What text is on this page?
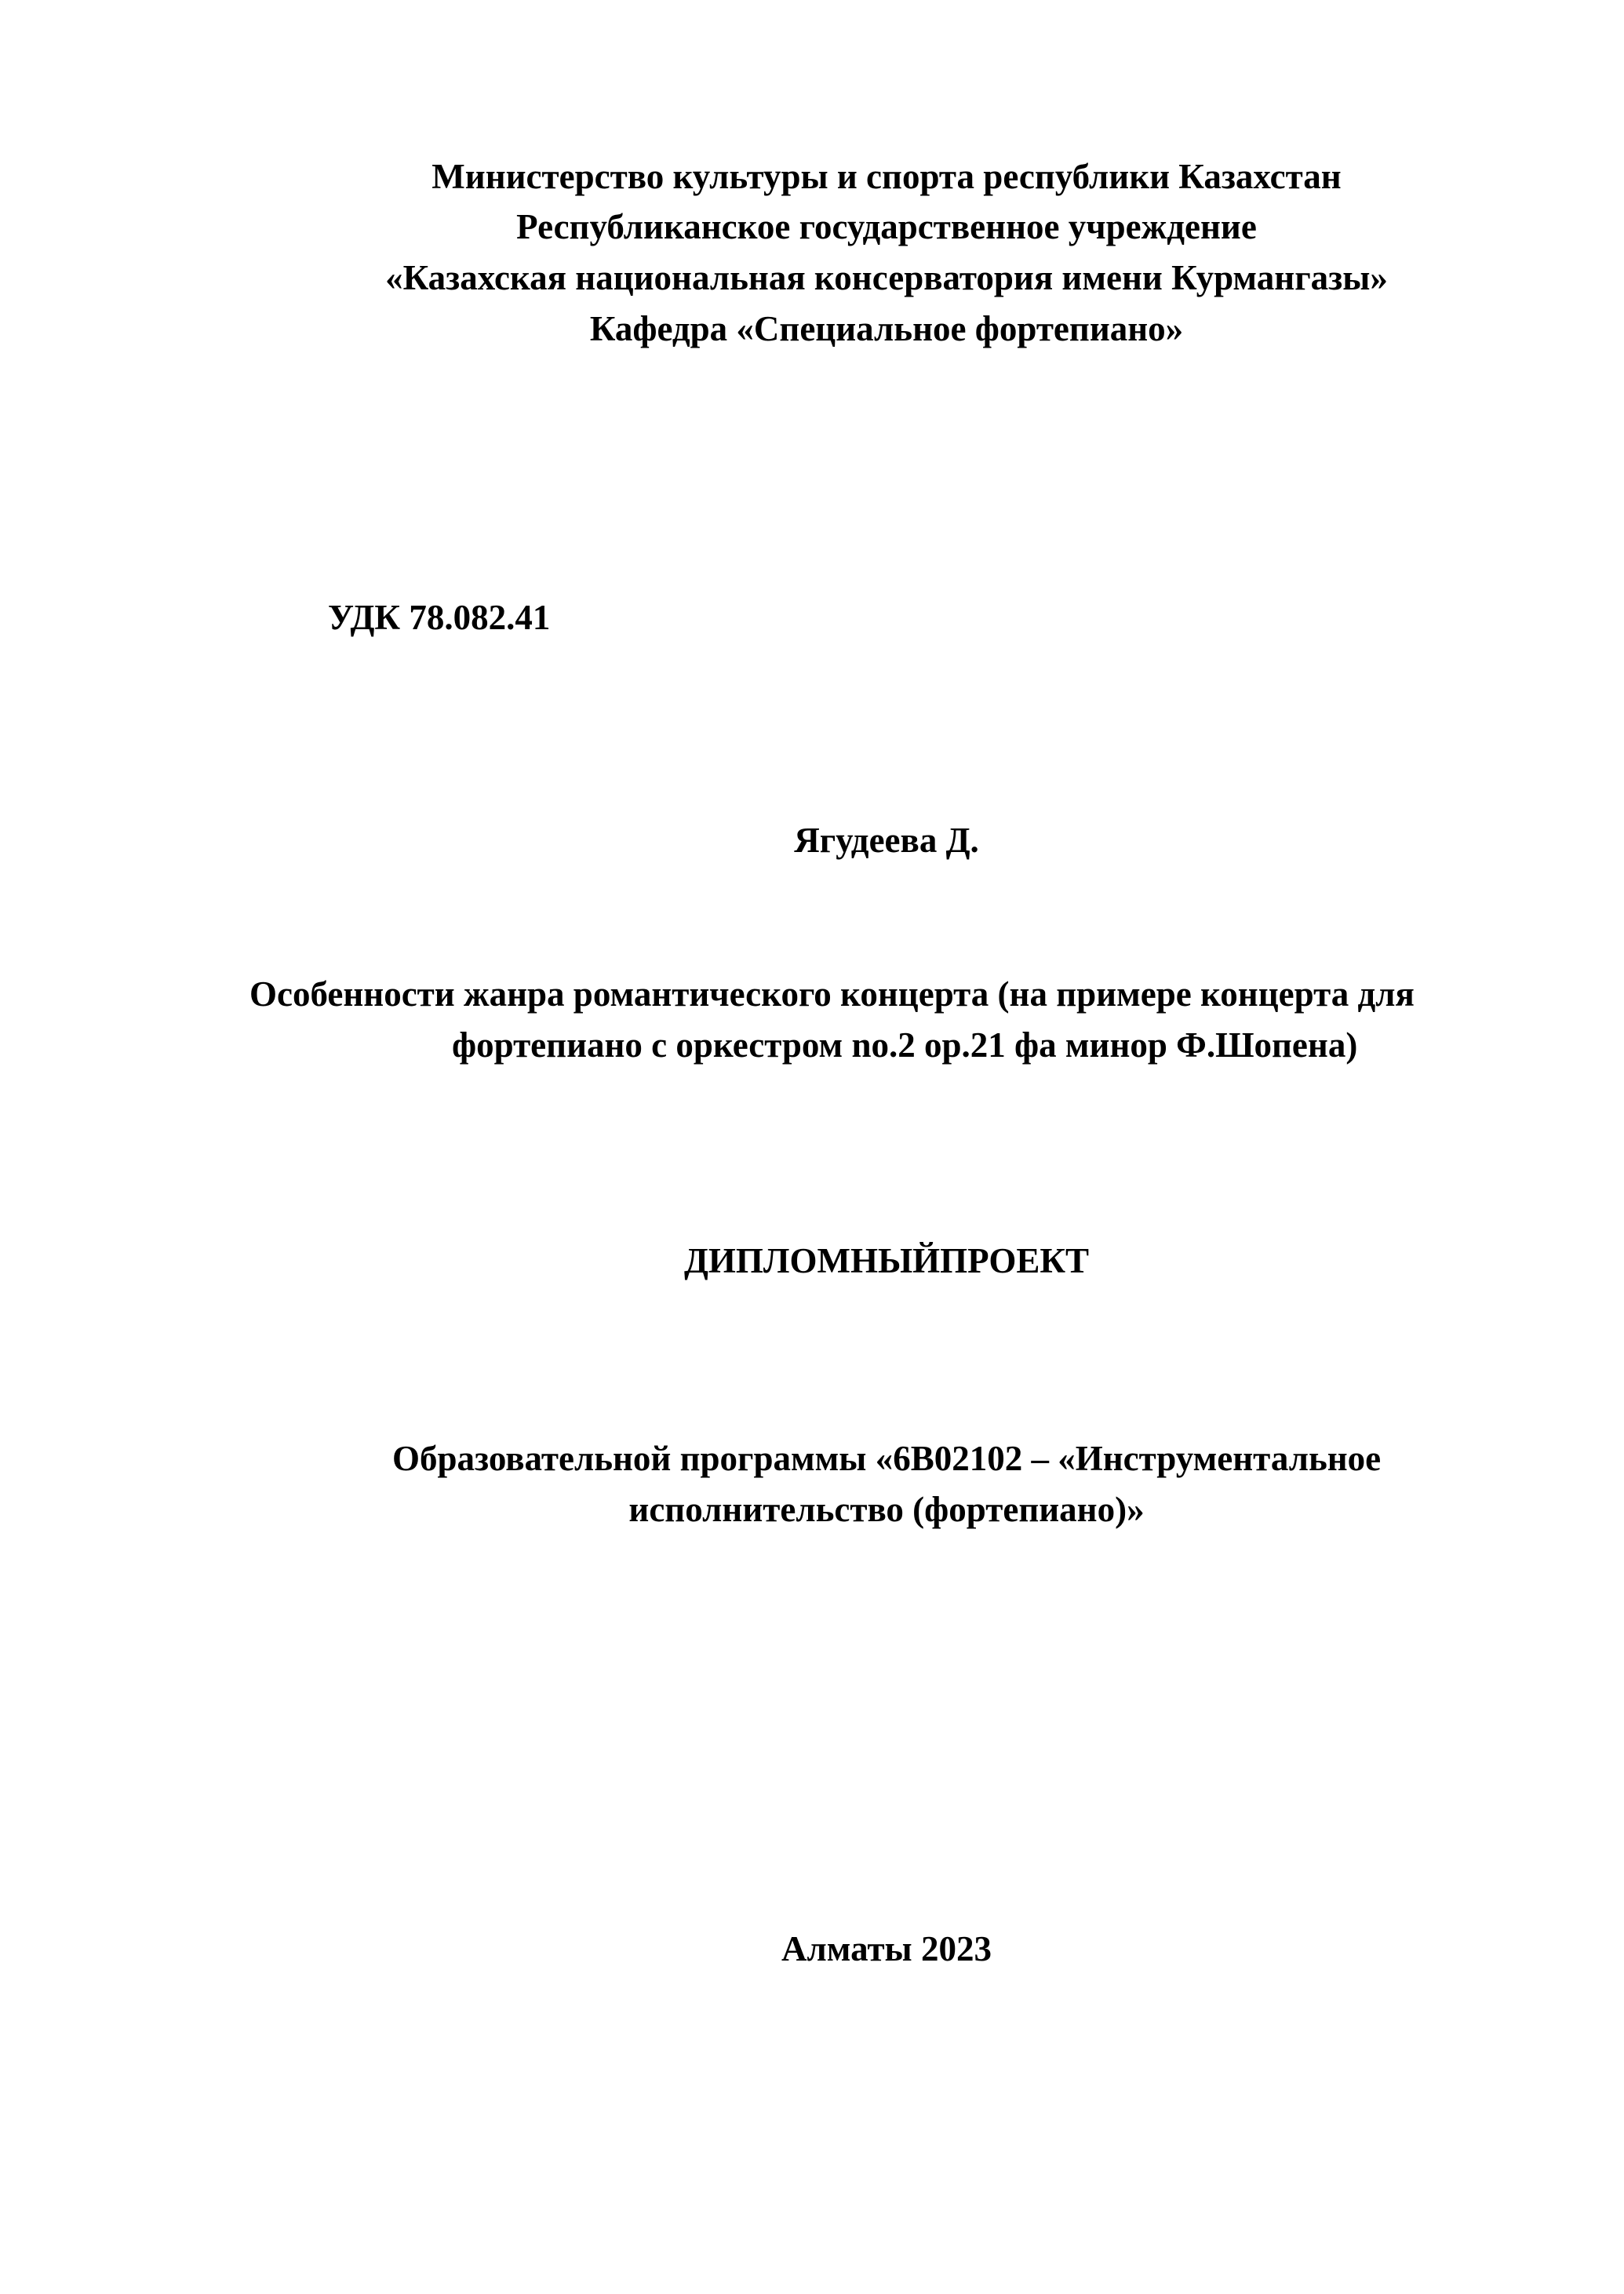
Министерство культуры и спорта республики Казахстан
Республиканское государственное учреждение
«Казахская национальная консерватория имени Курмангазы»
Кафедра «Специальное фортепиано»
УДК 78.082.41
Ягудеева Д.
Особенности жанра романтического концерта (на примере концерта для
фортепиано с оркестром no.2 op.21 фа минор Ф.Шопена)
ДИПЛОМНЫЙПРОЕКТ
Образовательной программы «6В02102 – «Инструментальное
исполнительство (фортепиано)»
Алматы 2023
